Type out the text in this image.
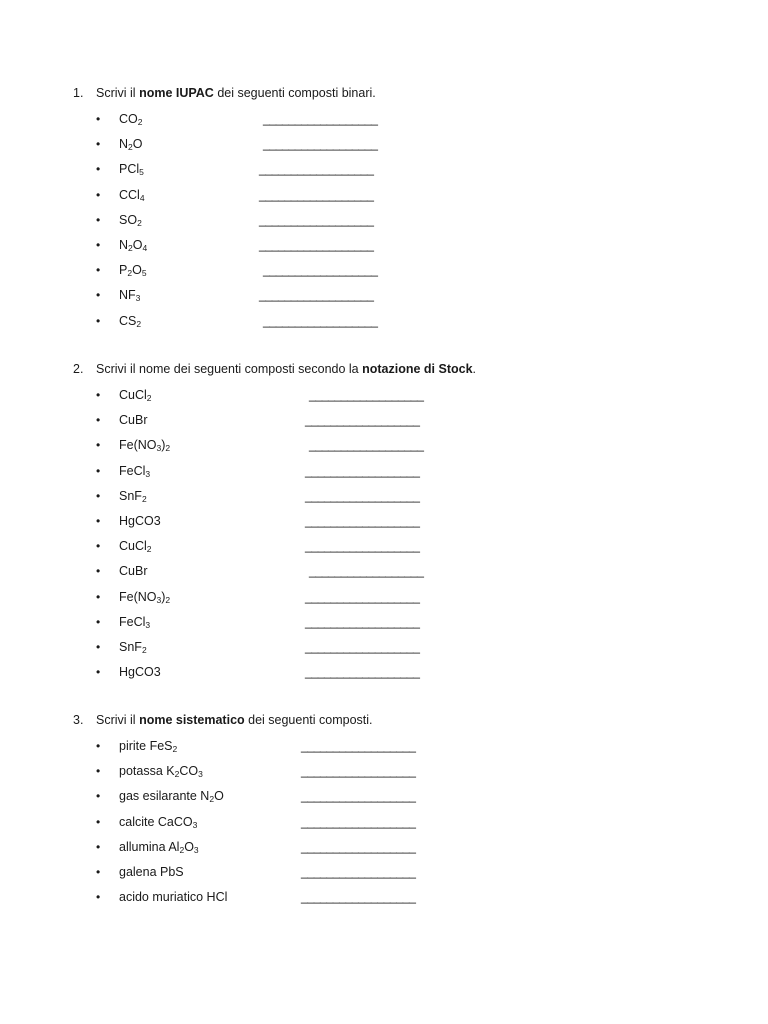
1. Scrivi il nome IUPAC dei seguenti composti binari.
• $CO_2$	__________________
• $N_2O$	__________________
• PCl$_5$	__________________
• CCl$_4$	__________________
• $SO_2$	__________________
• $N_2O_4$	__________________
• $P_2O_5$	__________________
• $NF_3$	__________________
• $CS_2$	__________________
2. Scrivi il nome dei seguenti composti secondo la notazione di Stock.
• CuCl$_2$	__________________
• CuBr	__________________
• $Fe(NO_3)_2$	__________________
• FeCl$_3$	__________________
• SnF$_2$	__________________
• HgCO3	__________________
• CuCl$_2$	__________________
• CuBr	__________________
• $Fe(NO_3)_2$	__________________
• FeCl$_3$	__________________
• SnF$_2$	__________________
• HgCO3	__________________
3. Scrivi il nome sistematico dei seguenti composti.
• pirite FeS$_2$	__________________
• potassa $K_2CO_3$	__________________
• gas esilarante $N_2O$	__________________
• calcite CaCO$_3$	__________________
• allumina $Al_2O_3$	__________________
• galena PbS	__________________
• acido muriatico HCl	__________________
